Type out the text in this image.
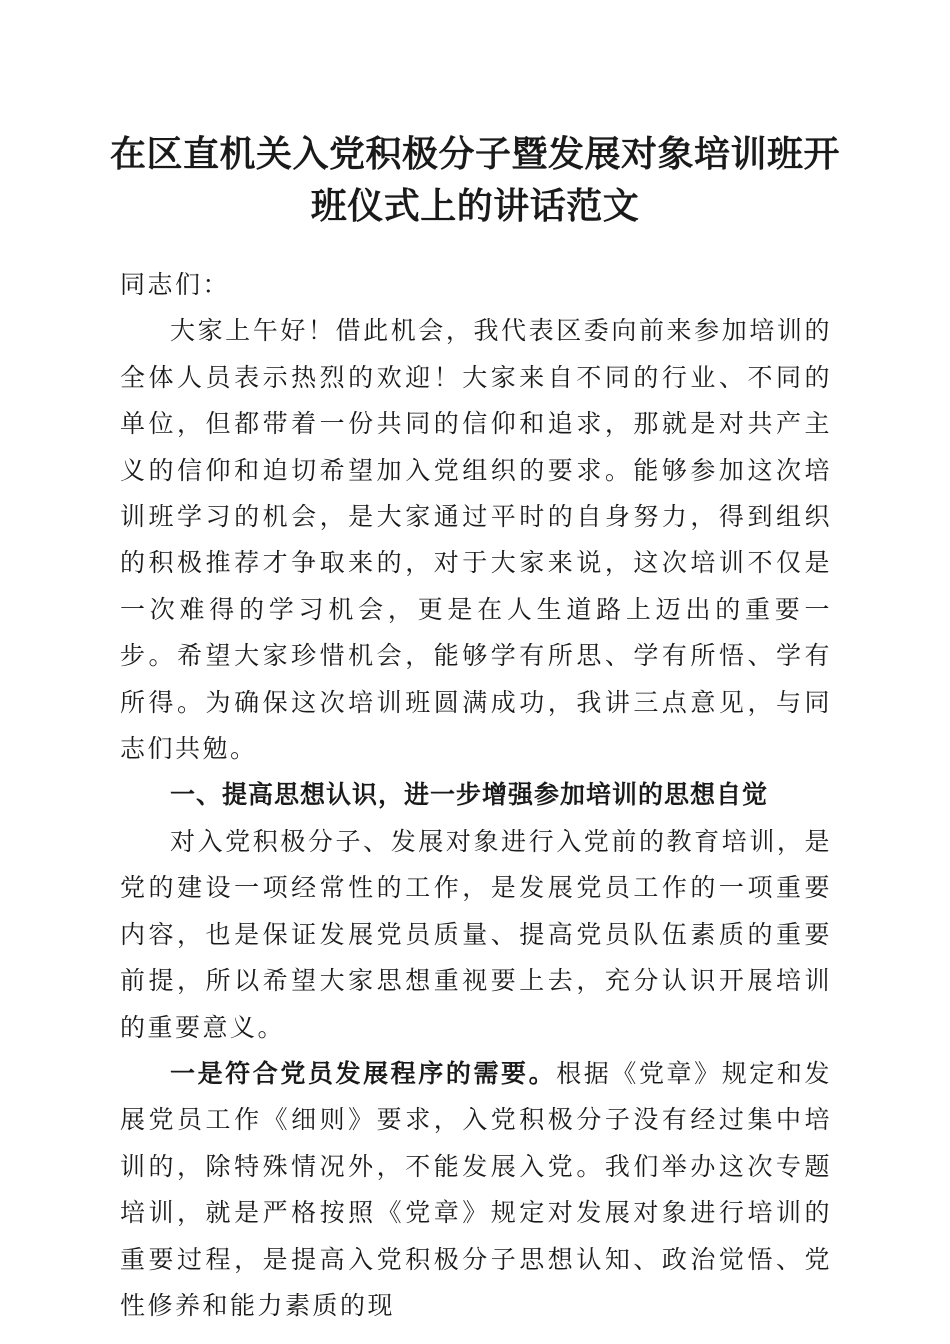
在区直机关入党积极分子暨发展对象培训班开
班仪式上的讲话范文

同志们：

大家上午好！借此机会，我代表区委向前来参加培训的全体人员表示热烈的欢迎！大家来自不同的行业、不同的单位，但都带着一份共同的信仰和追求，那就是对共产主义的信仰和迫切希望加入党组织的要求。能够参加这次培训班学习的机会，是大家通过平时的自身努力，得到组织的积极推荐才争取来的，对于大家来说，这次培训不仅是一次难得的学习机会，更是在人生道路上迈出的重要一步。希望大家珍惜机会，能够学有所思、学有所悟、学有所得。为确保这次培训班圆满成功，我讲三点意见，与同志们共勉。

一、提高思想认识，进一步增强参加培训的思想自觉

对入党积极分子、发展对象进行入党前的教育培训，是党的建设一项经常性的工作，是发展党员工作的一项重要内容，也是保证发展党员质量、提高党员队伍素质的重要前提，所以希望大家思想重视要上去，充分认识开展培训的重要意义。

一是符合党员发展程序的需要。根据《党章》规定和发展党员工作《细则》要求，入党积极分子没有经过集中培训的，除特殊情况外，不能发展入党。我们举办这次专题培训，就是严格按照《党章》规定对发展对象进行培训的重要过程，是提高入党积极分子思想认知、政治觉悟、党性修养和能力素质的现
